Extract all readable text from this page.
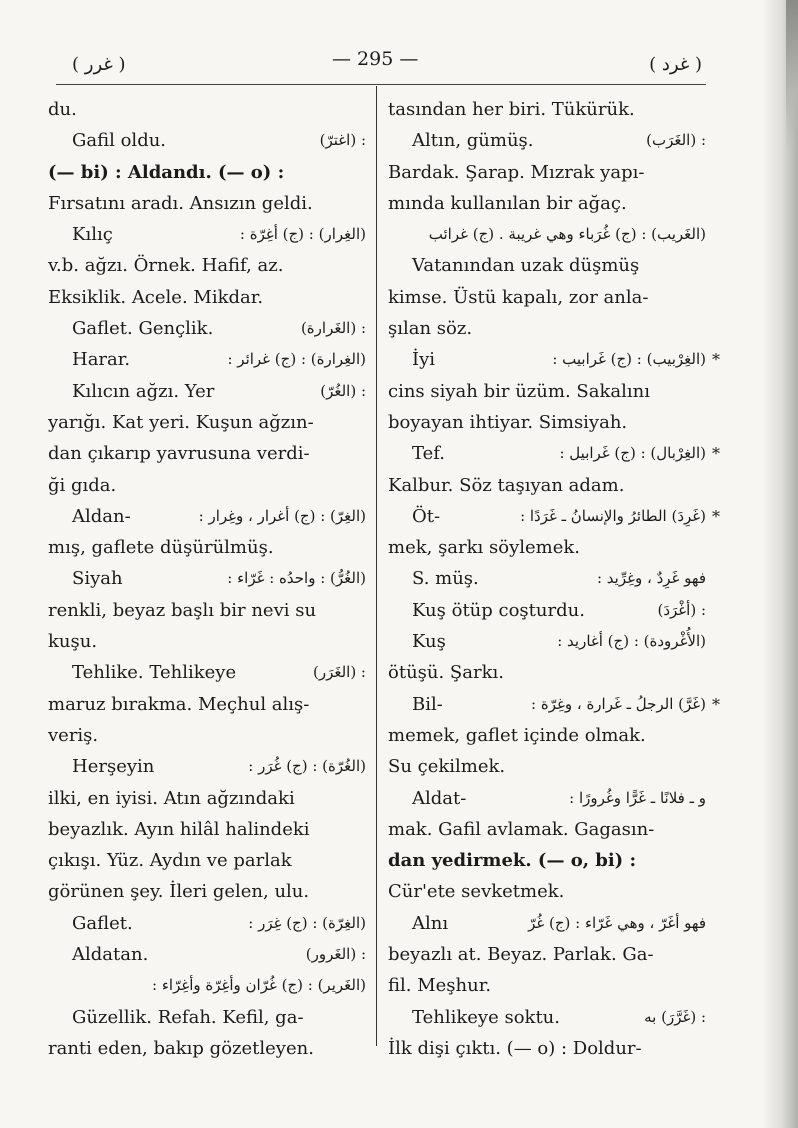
( غرر )	— 295 —	( غرد )
du.
Gafil oldu.	: (اغترّ)
(— bi) : Aldandı. (— o) :
Fırsatını aradı. Ansızın geldi.
Kılıç	(الغِرار) : (ج) أغِرّة :
v.b. ağzı. Örnek. Hafif, az.
Eksiklik. Acele. Mikdar.
Gaflet. Gençlik.	: (الغَرارة)
Harar.	(الغِرارة) : (ج) غرائر :
Kılıcın ağzı. Yer	: (الغُرّ)
yarığı. Kat yeri. Kuşun ağzın-
dan çıkarıp yavrusuna verdi-
ği gıda.
Aldan-	(الغِرّ) : (ج) أغرار ، وغِرار :
mış, gaflete düşürülmüş.
Siyah	(الغُرُّ) : واحدُه : غَرّاء :
renkli, beyaz başlı bir nevi su
kuşu.
Tehlike. Tehlikeye	: (الغَرَر)
maruz bırakma. Meçhul alış-
veriş.
Herşeyin	(الغُرّة) : (ج) غُرَر :
ilki, en iyisi. Atın ağzındaki
beyazlık. Ayın hilâl halindeki
çıkışı. Yüz. Aydın ve parlak
görünen şey. İleri gelen, ulu.
Gaflet.	(الغِرّة) : (ج) غِرَر :
Aldatan.	: (الغَرور)
(الغَرير) : (ج) غُرّان وأغِرّة وأغِرّاء :
Güzellik. Refah. Kefil, ga-
ranti eden, bakıp gözetleyen.
tasından her biri. Tükürük.
Altın, gümüş.	: (الغَرَب)
Bardak. Şarap. Mızrak yapı-
mında kullanılan bir ağaç.
(الغَريب) : (ج) غُرَباء وهي غريبة . (ج) غرائب
Vatanından uzak düşmüş
kimse. Üstü kapalı, zor anla-
şılan söz.
İyi	(الغِرْبيب) : (ج) غَرابيب : *
cins siyah bir üzüm. Sakalını
boyayan ihtiyar. Simsiyah.
Tef.	(الغِرْبال) : (ج) غَرابيل : *
Kalbur. Söz taşıyan adam.
Öt-	(غَرِدَ) الطائرُ والإنسانُ ـ غَرَدًا : *
mek, şarkı söylemek.
S. müş.	فهو غَرِدٌ ، وغِرِّيد :
Kuş ötüp coşturdu.	: (أغْرَدَ)
Kuş	(الأُغْرودة) : (ج) أغاريد :
ötüşü. Şarkı.
Bil-	(غَرَّ) الرجلُ ـ غَرارة ، وغِرّة : *
memek, gaflet içinde olmak.
Su çekilmek.
Aldat-	و ـ فلانًا ـ غَرًّا وغُرورًا :
mak. Gafil avlamak. Gagasın-
dan yedirmek. (— o, bi) :
Cür'ete sevketmek.
Alnı	فهو أغَرّ ، وهي غَرّاء : (ج) غُرّ
beyazlı at. Beyaz. Parlak. Ga-
fil. Meşhur.
Tehlikeye soktu.	: (غَرَّرَ) به
İlk dişi çıktı. (— o) : Doldur-
